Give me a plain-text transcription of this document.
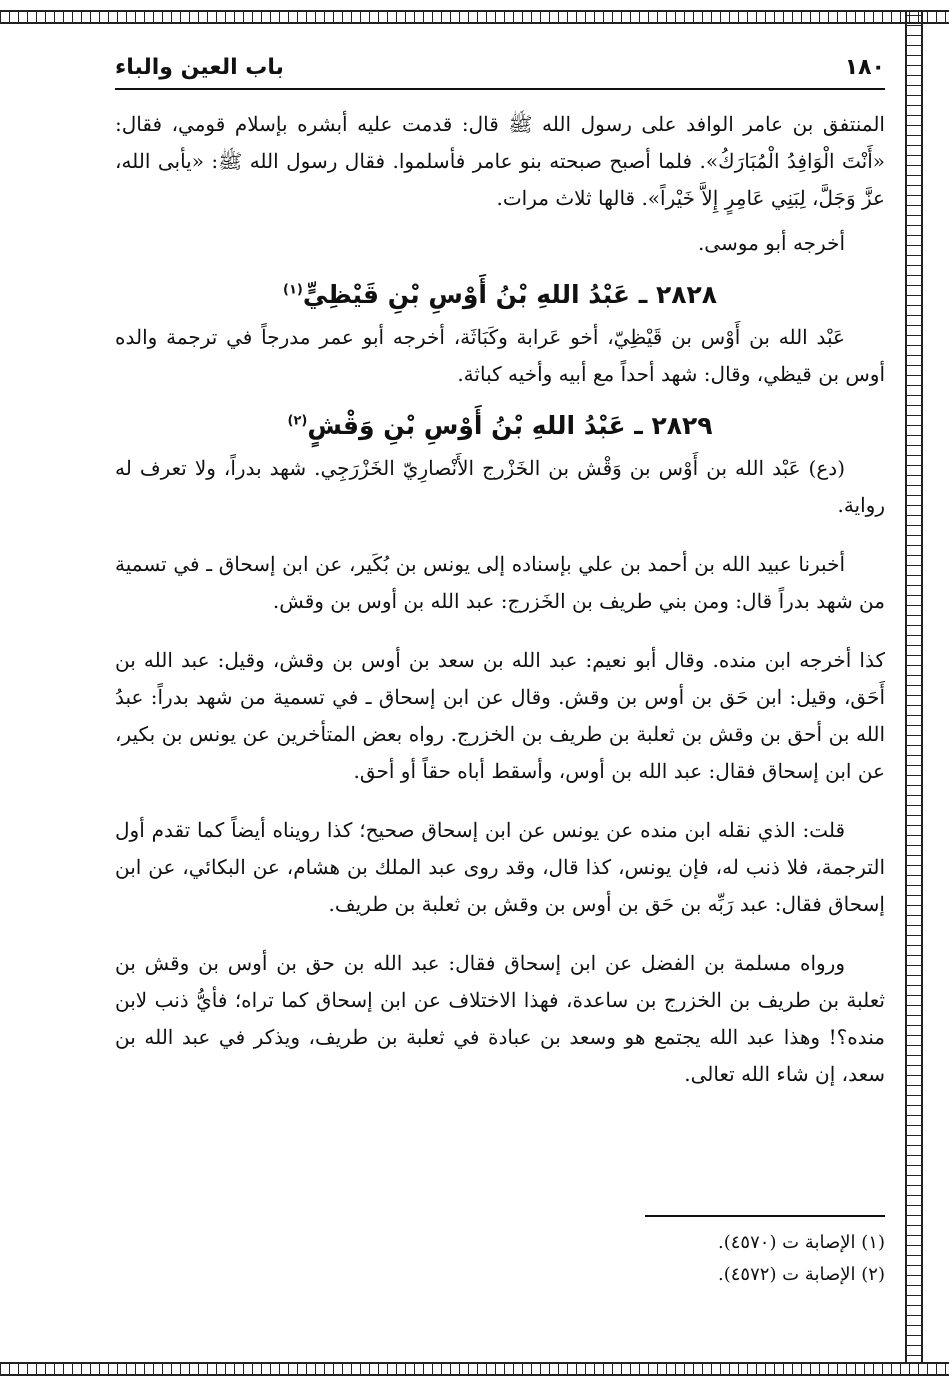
١٨٠
باب العين والباء

المنتفق بن عامر الوافد على رسول الله ﷺ قال: قدمت عليه أبشره بإسلام قومي، فقال: «أَنْتَ الْوَافِدُ الْمُبَارَكُ». فلما أصبح صبحته بنو عامر فأسلموا. فقال رسول الله ﷺ: «يأبى الله، عزَّ وَجَلَّ، لِبَنِي عَامِرٍ إِلاَّ خَيْراً». قالها ثلاث مرات.

أخرجه أبو موسى.

٢٨٢٨ ـ عَبْدُ اللهِ بْنُ أَوْسِ بْنِ قَيْظِيٍّ$^{(١)}$

عَبْد الله بن أَوْس بن قَيْظِيّ، أخو عَرابة وكَبَاثَة، أخرجه أبو عمر مدرجاً في ترجمة والده أوس بن قيظي، وقال: شهد أحداً مع أبيه وأخيه كباثة.

٢٨٢٩ ـ عَبْدُ اللهِ بْنُ أَوْسِ بْنِ وَقْشٍ$^{(٢)}$

(دع) عَبْد الله بن أَوْس بن وَقْش بن الخَزْرج الأَنْصارِيّ الخَزْرَجِي. شهد بدراً، ولا تعرف له رواية.

أخبرنا عبيد الله بن أحمد بن علي بإسناده إلى يونس بن بُكَير، عن ابن إسحاق ـ في تسمية من شهد بدراً قال: ومن بني طريف بن الخَزرج: عبد الله بن أوس بن وقش.

كذا أخرجه ابن منده. وقال أبو نعيم: عبد الله بن سعد بن أوس بن وقش، وقيل: عبد الله بن أَحَق، وقيل: ابن حَق بن أوس بن وقش. وقال عن ابن إسحاق ـ في تسمية من شهد بدراً: عبدُ الله بن أحق بن وقش بن ثعلبة بن طريف بن الخزرج. رواه بعض المتأخرين عن يونس بن بكير، عن ابن إسحاق فقال: عبد الله بن أوس، وأسقط أباه حقاً أو أحق.

قلت: الذي نقله ابن منده عن يونس عن ابن إسحاق صحيح؛ كذا رويناه أيضاً كما تقدم أول الترجمة، فلا ذنب له، فإن يونس، كذا قال، وقد روى عبد الملك بن هشام، عن البكائي، عن ابن إسحاق فقال: عبد رَبِّه بن حَق بن أوس بن وقش بن ثعلبة بن طريف.

ورواه مسلمة بن الفضل عن ابن إسحاق فقال: عبد الله بن حق بن أوس بن وقش بن ثعلبة بن طريف بن الخزرج بن ساعدة، فهذا الاختلاف عن ابن إسحاق كما تراه؛ فأيُّ ذنب لابن منده؟! وهذا عبد الله يجتمع هو وسعد بن عبادة في ثعلبة بن طريف، ويذكر في عبد الله بن سعد، إن شاء الله تعالى.

(١) الإصابة ت (٤٥٧٠).
(٢) الإصابة ت (٤٥٧٢).
